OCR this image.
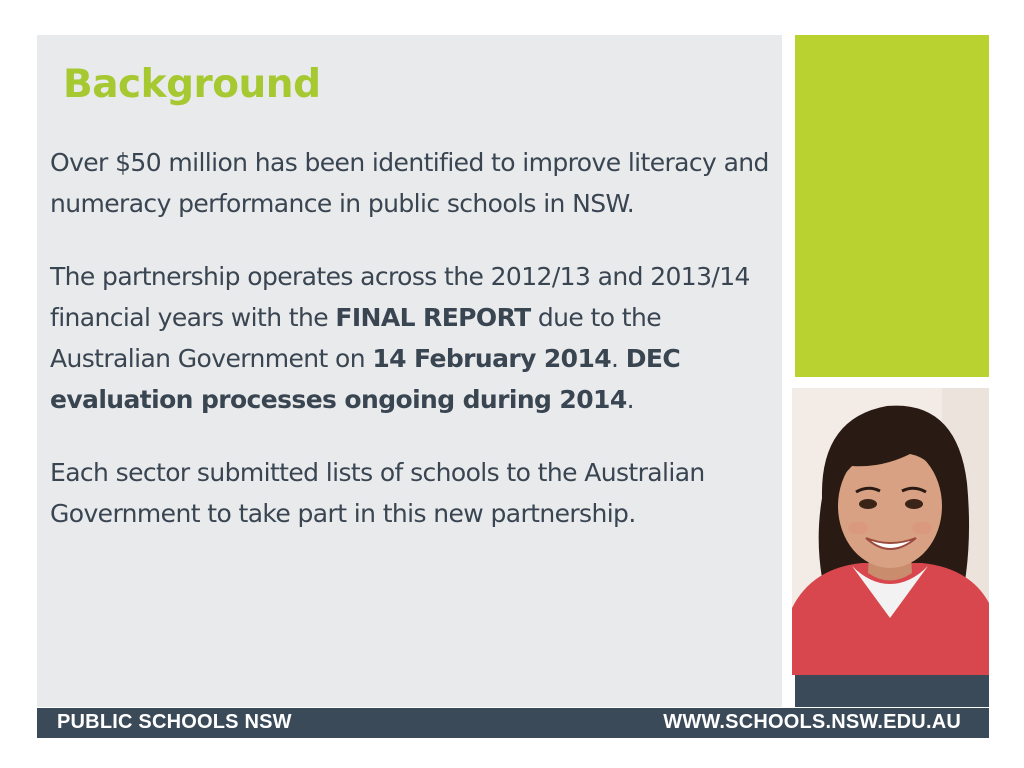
Background

Over $50 million has been identified to improve literacy and numeracy performance in public schools in NSW.

The partnership operates across the 2012/13 and 2013/14 financial years with the FINAL REPORT due to the Australian Government on 14 February 2014. DEC evaluation processes ongoing during 2014.

Each sector submitted lists of schools to the Australian Government to take part in this new partnership.

PUBLIC SCHOOLS NSW	WWW.SCHOOLS.NSW.EDU.AU
